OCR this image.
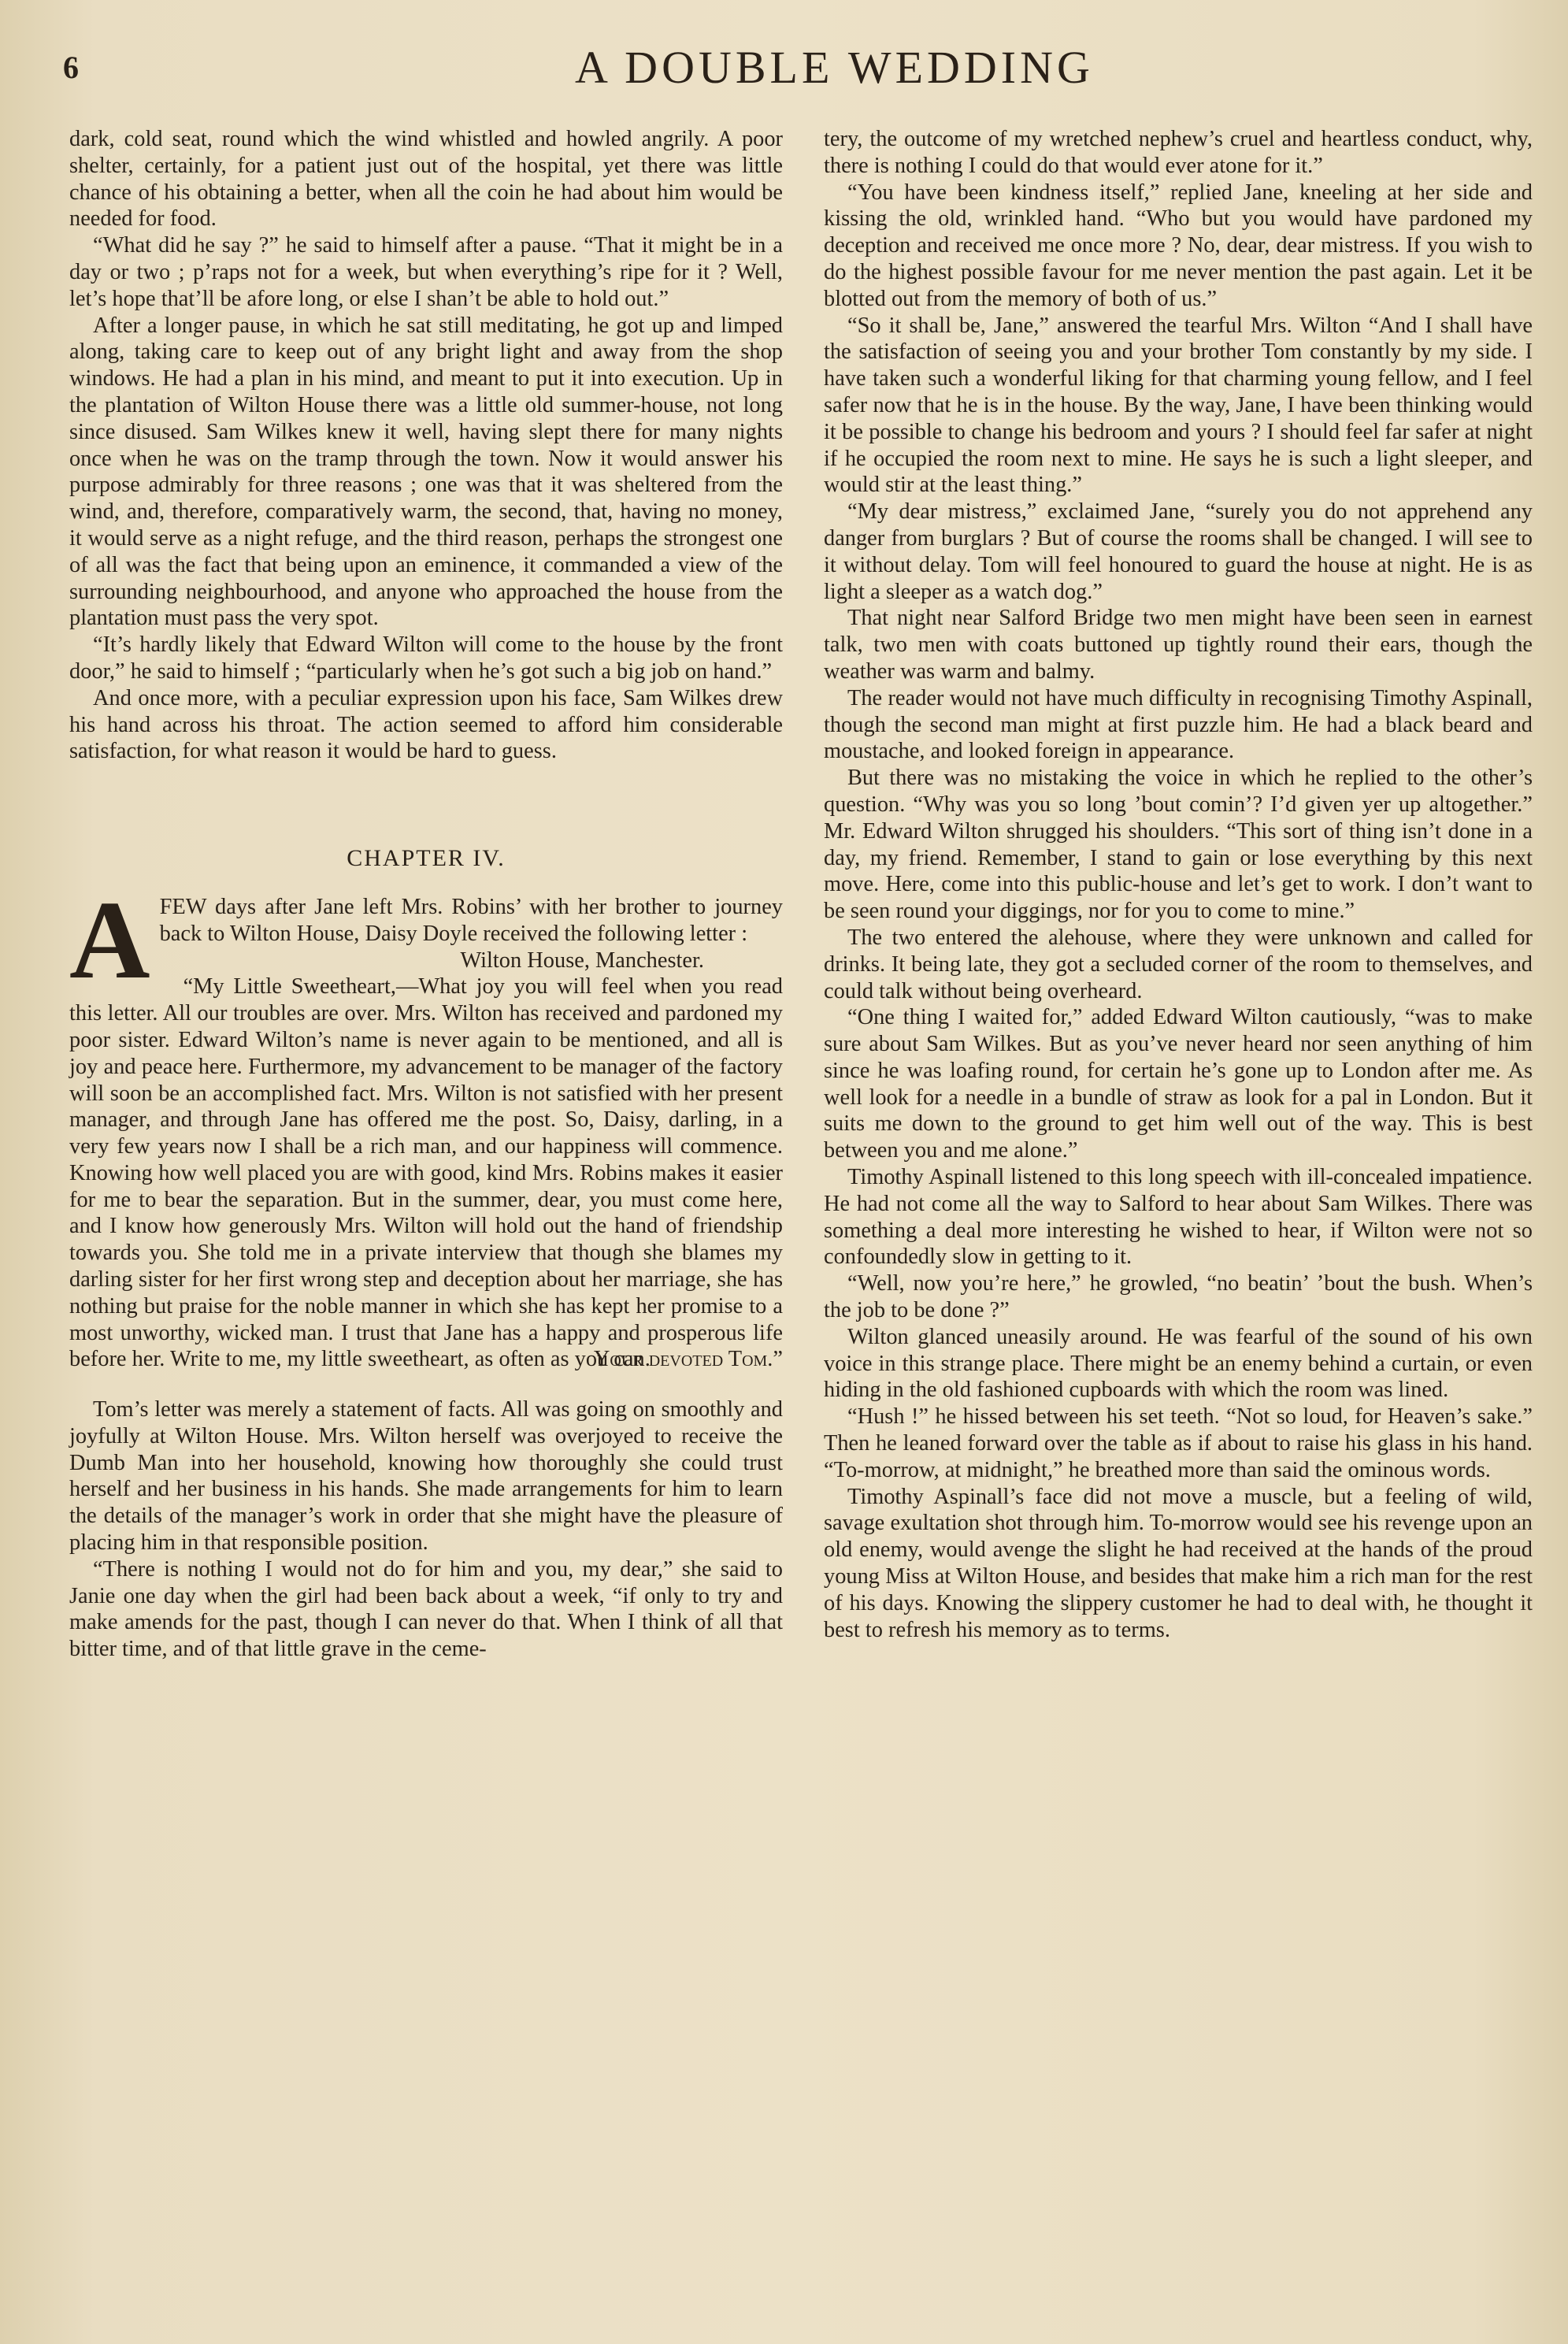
6	A DOUBLE WEDDING

dark, cold seat, round which the wind whistled and howled angrily. A poor shelter, certainly, for a patient just out of the hospital, yet there was little chance of his obtaining a better, when all the coin he had about him would be needed for food.

“What did he say ?” he said to himself after a pause. “That it might be in a day or two ; p’raps not for a week, but when everything’s ripe for it ? Well, let’s hope that’ll be afore long, or else I shan’t be able to hold out.”

After a longer pause, in which he sat still meditating, he got up and limped along, taking care to keep out of any bright light and away from the shop windows. He had a plan in his mind, and meant to put it into execution. Up in the plantation of Wilton House there was a little old summer-house, not long since disused. Sam Wilkes knew it well, having slept there for many nights once when he was on the tramp through the town. Now it would answer his purpose admirably for three reasons ; one was that it was sheltered from the wind, and, therefore, comparatively warm, the second, that, having no money, it would serve as a night refuge, and the third reason, perhaps the strongest one of all was the fact that being upon an eminence, it commanded a view of the surrounding neighbourhood, and anyone who approached the house from the plantation must pass the very spot.

“It’s hardly likely that Edward Wilton will come to the house by the front door,” he said to himself ; “particularly when he’s got such a big job on hand.”

And once more, with a peculiar expression upon his face, Sam Wilkes drew his hand across his throat. The action seemed to afford him considerable satisfaction, for what reason it would be hard to guess.

CHAPTER IV.

AFEW days after Jane left Mrs. Robins’ with her brother to journey back to Wilton House, Daisy Doyle received the following letter :

Wilton House, Manchester.

“My Little Sweetheart,—What joy you will feel when you read this letter. All our troubles are over. Mrs. Wilton has received and pardoned my poor sister. Edward Wilton’s name is never again to be mentioned, and all is joy and peace here. Furthermore, my advancement to be manager of the factory will soon be an accomplished fact. Mrs. Wilton is not satisfied with her present manager, and through Jane has offered me the post. So, Daisy, darling, in a very few years now I shall be a rich man, and our happiness will commence. Knowing how well placed you are with good, kind Mrs. Robins makes it easier for me to bear the separation. But in the summer, dear, you must come here, and I know how generously Mrs. Wilton will hold out the hand of friendship towards you. She told me in a private interview that though she blames my darling sister for her first wrong step and deception about her marriage, she has nothing but praise for the noble manner in which she has kept her promise to a most unworthy, wicked man. I trust that Jane has a happy and prosperous life before her. Write to me, my little sweetheart, as often as you can.

Your devoted Tom.”

Tom’s letter was merely a statement of facts. All was going on smoothly and joyfully at Wilton House. Mrs. Wilton herself was overjoyed to receive the Dumb Man into her household, knowing how thoroughly she could trust herself and her business in his hands. She made arrangements for him to learn the details of the manager’s work in order that she might have the pleasure of placing him in that responsible position.

“There is nothing I would not do for him and you, my dear,” she said to Janie one day when the girl had been back about a week, “if only to try and make amends for the past, though I can never do that. When I think of all that bitter time, and of that little grave in the ceme-

tery, the outcome of my wretched nephew’s cruel and heartless conduct, why, there is nothing I could do that would ever atone for it.”

“You have been kindness itself,” replied Jane, kneeling at her side and kissing the old, wrinkled hand. “Who but you would have pardoned my deception and received me once more ? No, dear, dear mistress. If you wish to do the highest possible favour for me never mention the past again. Let it be blotted out from the memory of both of us.”

“So it shall be, Jane,” answered the tearful Mrs. Wilton “And I shall have the satisfaction of seeing you and your brother Tom constantly by my side. I have taken such a wonderful liking for that charming young fellow, and I feel safer now that he is in the house. By the way, Jane, I have been thinking would it be possible to change his bedroom and yours ? I should feel far safer at night if he occupied the room next to mine. He says he is such a light sleeper, and would stir at the least thing.”

“My dear mistress,” exclaimed Jane, “surely you do not apprehend any danger from burglars ? But of course the rooms shall be changed. I will see to it without delay. Tom will feel honoured to guard the house at night. He is as light a sleeper as a watch dog.”

That night near Salford Bridge two men might have been seen in earnest talk, two men with coats buttoned up tightly round their ears, though the weather was warm and balmy.

The reader would not have much difficulty in recognising Timothy Aspinall, though the second man might at first puzzle him. He had a black beard and moustache, and looked foreign in appearance.

But there was no mistaking the voice in which he replied to the other’s question. “Why was you so long ’bout comin’? I’d given yer up altogether.” Mr. Edward Wilton shrugged his shoulders. “This sort of thing isn’t done in a day, my friend. Remember, I stand to gain or lose everything by this next move. Here, come into this public-house and let’s get to work. I don’t want to be seen round your diggings, nor for you to come to mine.”

The two entered the alehouse, where they were unknown and called for drinks. It being late, they got a secluded corner of the room to themselves, and could talk without being overheard.

“One thing I waited for,” added Edward Wilton cautiously, “was to make sure about Sam Wilkes. But as you’ve never heard nor seen anything of him since he was loafing round, for certain he’s gone up to London after me. As well look for a needle in a bundle of straw as look for a pal in London. But it suits me down to the ground to get him well out of the way. This is best between you and me alone.”

Timothy Aspinall listened to this long speech with ill-concealed impatience. He had not come all the way to Salford to hear about Sam Wilkes. There was something a deal more interesting he wished to hear, if Wilton were not so confoundedly slow in getting to it.

“Well, now you’re here,” he growled, “no beatin’ ’bout the bush. When’s the job to be done ?”

Wilton glanced uneasily around. He was fearful of the sound of his own voice in this strange place. There might be an enemy behind a curtain, or even hiding in the old fashioned cupboards with which the room was lined.

“Hush !” he hissed between his set teeth. “Not so loud, for Heaven’s sake.” Then he leaned forward over the table as if about to raise his glass in his hand. “To-morrow, at midnight,” he breathed more than said the ominous words.

Timothy Aspinall’s face did not move a muscle, but a feeling of wild, savage exultation shot through him. To-morrow would see his revenge upon an old enemy, would avenge the slight he had received at the hands of the proud young Miss at Wilton House, and besides that make him a rich man for the rest of his days. Knowing the slippery customer he had to deal with, he thought it best to refresh his memory as to terms.
